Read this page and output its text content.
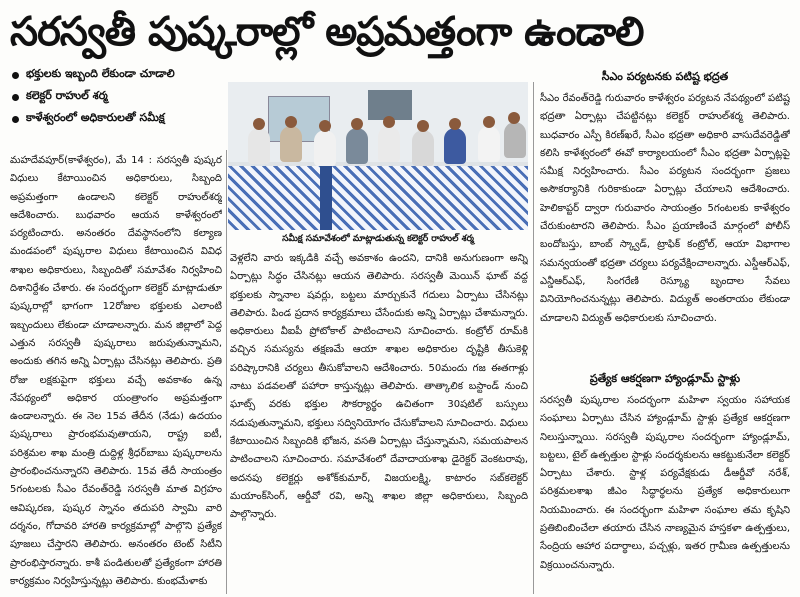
సరస్వతీ పుష్కరాల్లో అప్రమత్తంగా ఉండాలి
భక్తులకు ఇబ్బంది లేకుండా చూడాలి
కలెక్టర్ రాహుల్ శర్మ
కాళేశ్వరంలో అధికారులతో సమీక్ష
సమీక్ష సమావేశంలో మాట్లాడుతున్న కలెక్టర్ రాహుల్ శర్మ

మహదేవపూర్(కాళేశ్వరం), మే 14 : సరస్వతీ పుష్కర విధులు కేటాయించిన అధికారులు, సిబ్బంది అప్రమత్తంగా ఉండాలని కలెక్టర్ రాహుల్‌శర్మ ఆదేశించారు. బుధవారం ఆయన కాళేశ్వరంలో పర్యటించారు. అనంతరం దేవస్థానంలోని కల్యాణ మండపంలో పుష్కరాల విధులు కేటాయించిన వివిధ శాఖల అధికారులు, సిబ్బందితో సమావేశం నిర్వహించి దిశానిర్దేశం చేశారు. ఈ సందర్భంగా కలెక్టర్ మాట్లాడుతూ పుష్కరాల్లో భాగంగా 12రోజుల భక్తులకు ఎలాంటి ఇబ్బందులు లేకుండా చూడాలన్నారు. మన జిల్లాలో పెద్ద ఎత్తున సరస్వతీ పుష్కరాలు జరుపుతున్నామని, అందుకు తగిన అన్ని ఏర్పాట్లు చేసినట్లు తెలిపారు. ప్రతి రోజు లక్షకుపైగా భక్తులు వచ్చే అవకాశం ఉన్న నేపథ్యంలో అధికార యంత్రాంగం అప్రమత్తంగా ఉండాలన్నారు. ఈ నెల 15వ తేదీన (నేడు) ఉదయం పుష్కరాలు ప్రారంభమవుతాయని, రాష్ట్ర ఐటీ, పరిశ్రమల శాఖ మంత్రి దుద్దిళ్ల శ్రీధర్‌బాబు పుష్కరాలను ప్రారంభించనున్నారని తెలిపారు. 15వ తేదీ సాయంత్రం 5గంటలకు సీఎం రేవంత్‌రెడ్డి సరస్వతీ మాత విగ్రహం ఆవిష్కరణ, పుష్కర స్నానం తదుపరి స్వామి వారి దర్శనం, గోదావరి హారతి కార్యక్రమాల్లో పాల్గొని ప్రత్యేక పూజలు చేస్తారని తెలిపారు. అనంతరం టెంట్ సిటీని ప్రారంభిస్తారన్నారు. కాశీ పండితులతో ప్రత్యేకంగా హారతి కార్యక్రమం నిర్వహిస్తున్నట్లు తెలిపారు. కుంభమేళాకు

వెళ్లలేని వారు ఇక్కడికి వచ్చే అవకాశం ఉందని, దానికి అనుగుణంగా అన్ని ఏర్పాట్లు సిద్ధం చేసినట్లు ఆయన తెలిపారు. సరస్వతీ మెయిన్ ఘాట్ వద్ద భక్తులకు స్నానాల షవర్లు, బట్టలు మార్చుకునే గదులు ఏర్పాటు చేసినట్లు తెలిపారు. పిండ ప్రదాన కార్యక్రమాలు చేసేందుకు అన్ని ఏర్పాట్లు చేశామన్నారు. అధికారులు వీఐపీ ప్రోటోకాల్ పాటించాలని సూచించారు. కంట్రోల్ రూమ్‌కి వచ్చిన సమస్యను తక్షణమే ఆయా శాఖల అధికారుల దృష్టికి తీసుకెళ్లి పరిష్కారానికి చర్యలు తీసుకోవాలని ఆదేశించారు. 50మందు గజ ఈతగాళ్లు నాటు పడవలతో పహారా కాస్తున్నట్లు తెలిపారు. తాత్కాలిక బస్టాండ్ నుంచి ఘాట్స్ వరకు భక్తుల సౌకర్యార్థం ఉచితంగా 30షటిల్ బస్సులు నడుపుతున్నామని, భక్తులు సద్వినియోగం చేసుకోవాలని సూచించారు. విధులు కేటాయించిన సిబ్బందికి భోజన, వసతి ఏర్పాట్లు చేస్తున్నామని, సమయపాలన పాటించాలని సూచించారు. సమావేశంలో దేవాదాయశాఖ డైరెక్టర్ వెంకటరావు, అదనపు కలెక్టర్లు అశోక్‌కుమార్, విజయలక్ష్మి, కాటారం సబ్‌కలెక్టర్ మయాంక్‌సింగ్, ఆర్డీవో రవి, అన్ని శాఖల జిల్లా అధికారులు, సిబ్బంది పాల్గొన్నారు.

సీఎం పర్యటనకు పటిష్ట భద్రత

సీఎం రేవంత్‌రెడ్డి గురువారం కాళేశ్వరం పర్యటన నేపథ్యంలో పటిష్ట భద్రతా ఏర్పాట్లు చేపట్టినట్లు కలెక్టర్ రాహుల్‌శర్మ తెలిపారు. బుధవారం ఎస్పీ కిరణ్‌ఖరే, సీఎం భద్రతా అధికారి వాసుదేవరెడ్డితో కలిసి కాళేశ్వరంలో ఈవో కార్యాలయంలో సీఎం భద్రతా ఏర్పాట్లపై సమీక్ష నిర్వహించారు. సీఎం పర్యటన సందర్భంగా ప్రజలు అసౌకర్యానికి గురికాకుండా ఏర్పాట్లు చేయాలని ఆదేశించారు. హెలికాప్టర్ ద్వారా గురువారం సాయంత్రం 5గంటలకు కాళేశ్వరం చేరుకుంటారని తెలిపారు. సీఎం ప్రయాణించే మార్గంలో పోలీస్ బందోబస్తు, బాంబ్ స్క్వాడ్, ట్రాఫిక్ కంట్రోల్, ఆయా విభాగాల సమన్వయంతో భద్రతా చర్యలు పర్యవేక్షించాలన్నారు. ఎస్డీఆర్ఎఫ్, ఎన్డీఆర్ఎఫ్, సింగరేణి రెస్క్యూ బృందాల సేవలు వినియోగించనున్నట్లు తెలిపారు. విద్యుత్ అంతరాయం లేకుండా చూడాలని విద్యుత్ అధికారులకు సూచించారు.

ప్రత్యేక ఆకర్షణగా హ్యాండ్లూమ్ స్టాళ్లు

సరస్వతీ పుష్కరాల సందర్భంగా మహిళా స్వయం సహాయక సంఘాలు ఏర్పాటు చేసిన హ్యాండ్లూమ్ స్టాళ్లు ప్రత్యేక ఆకర్షణగా నిలుస్తున్నాయి. సరస్వతీ పుష్కరాల సందర్భంగా హ్యాండ్లూమ్, బట్టలు, టైల్ ఉత్పత్తుల స్టాళ్లు సందర్శకులను ఆకట్టుకునేలా కలెక్టర్ ఏర్పాటు చేశారు. స్టాళ్ల పర్యవేక్షకుడు డీఆర్డీవో నరేశ్, పరిశ్రమలశాఖ జీఎం సిద్ధార్థలను ప్రత్యేక అధికారులుగా నియమించారు. ఈ సందర్భంగా మహిళా సంఘాల తమ కృషిని ప్రతిబింబించేలా తయారు చేసిన నాణ్యమైన హస్తకళా ఉత్పత్తులు, సేంద్రియ ఆహార పదార్థాలు, పచ్చళ్లు, ఇతర గ్రామీణ ఉత్పత్తులను విక్రయించనున్నారు.
